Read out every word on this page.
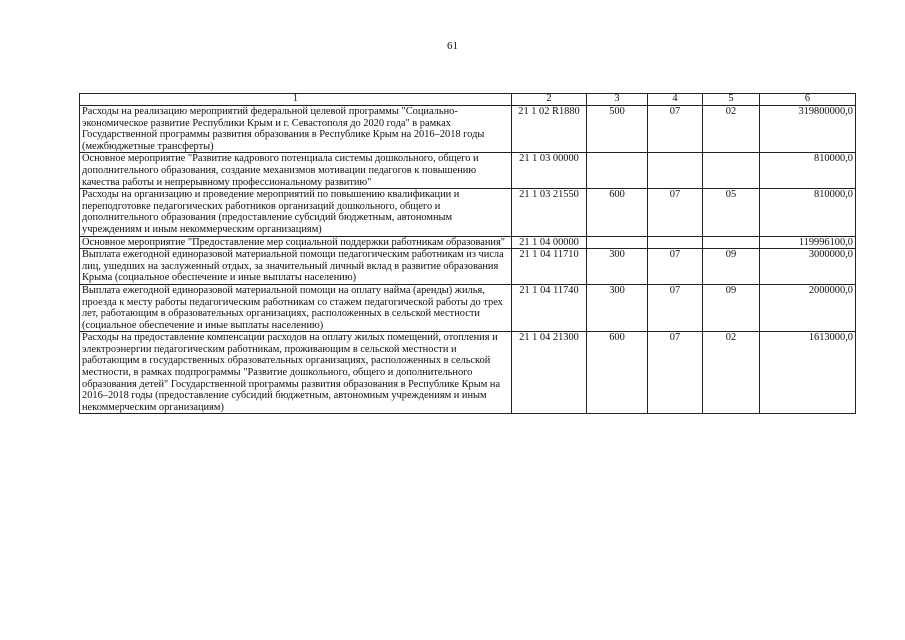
61
1	2	3	4	5	6
Расходы на реализацию мероприятий федеральной целевой программы "Социально-экономическое развитие Республики Крым и г. Севастополя до 2020 года" в рамках Государственной программы развития образования в Республике Крым на 2016–2018 годы (межбюджетные трансферты)	21 1 02 R1880	500	07	02	319800000,0
Основное мероприятие "Развитие кадрового потенциала системы дошкольного, общего и дополнительного образования, создание механизмов мотивации педагогов к повышению качества работы и непрерывному профессиональному развитию"	21 1 03 00000				810000,0
Расходы на организацию и проведение мероприятий по повышению квалификации и переподготовке педагогических работников организаций дошкольного, общего и дополнительного образования (предоставление субсидий бюджетным, автономным учреждениям и иным некоммерческим организациям)	21 1 03 21550	600	07	05	810000,0
Основное мероприятие "Предоставление мер социальной поддержки работникам образования"	21 1 04 00000				119996100,0
Выплата ежегодной единоразовой материальной помощи педагогическим работникам из числа лиц, ушедших на заслуженный отдых, за значительный личный вклад в развитие образования Крыма (социальное обеспечение и иные выплаты населению)	21 1 04 11710	300	07	09	3000000,0
Выплата ежегодной единоразовой материальной помощи на оплату найма (аренды) жилья, проезда к месту работы педагогическим работникам со стажем педагогической работы до трех лет, работающим в образовательных организациях, расположенных в сельской местности (социальное обеспечение и иные выплаты населению)	21 1 04 11740	300	07	09	2000000,0
Расходы на предоставление компенсации расходов на оплату жилых помещений, отопления и электроэнергии педагогическим работникам, проживающим в сельской местности и работающим в государственных образовательных организациях, расположенных в сельской местности, в рамках подпрограммы "Развитие дошкольного, общего и дополнительного образования детей" Государственной программы развития образования в Республике Крым на 2016–2018 годы (предоставление субсидий бюджетным, автономным учреждениям и иным некоммерческим организациям)	21 1 04 21300	600	07	02	1613000,0
